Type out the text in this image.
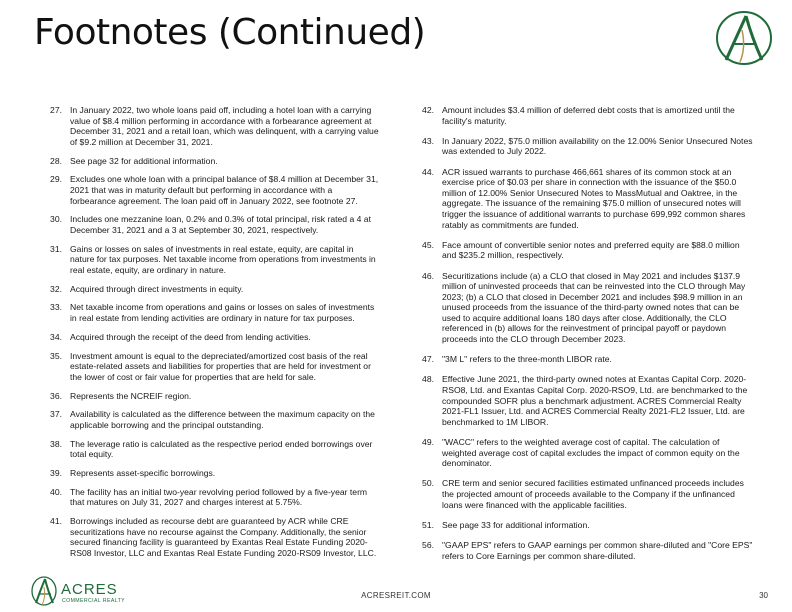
Footnotes (Continued)
27. In January 2022, two whole loans paid off, including a hotel loan with a carrying value of $8.4 million performing in accordance with a forbearance agreement at December 31, 2021 and a retail loan, which was delinquent, with a carrying value of $9.2 million at December 31, 2021.
28. See page 32 for additional information.
29. Excludes one whole loan with a principal balance of $8.4 million at December 31, 2021 that was in maturity default but performing in accordance with a forbearance agreement. The loan paid off in January 2022, see footnote 27.
30. Includes one mezzanine loan, 0.2% and 0.3% of total principal, risk rated a 4 at December 31, 2021 and a 3 at September 30, 2021, respectively.
31. Gains or losses on sales of investments in real estate, equity, are capital in nature for tax purposes. Net taxable income from operations from investments in real estate, equity, are ordinary in nature.
32. Acquired through direct investments in equity.
33. Net taxable income from operations and gains or losses on sales of investments in real estate from lending activities are ordinary in nature for tax purposes.
34. Acquired through the receipt of the deed from lending activities.
35. Investment amount is equal to the depreciated/amortized cost basis of the real estate-related assets and liabilities for properties that are held for investment or the lower of cost or fair value for properties that are held for sale.
36. Represents the NCREIF region.
37. Availability is calculated as the difference between the maximum capacity on the applicable borrowing and the principal outstanding.
38. The leverage ratio is calculated as the respective period ended borrowings over total equity.
39. Represents asset-specific borrowings.
40. The facility has an initial two-year revolving period followed by a five-year term that matures on July 31, 2027 and charges interest at 5.75%.
41. Borrowings included as recourse debt are guaranteed by ACR while CRE securitizations have no recourse against the Company. Additionally, the senior secured financing facility is guaranteed by Exantas Real Estate Funding 2020-RS08 Investor, LLC and Exantas Real Estate Funding 2020-RS09 Investor, LLC.
42. Amount includes $3.4 million of deferred debt costs that is amortized until the facility's maturity.
43. In January 2022, $75.0 million availability on the 12.00% Senior Unsecured Notes was extended to July 2022.
44. ACR issued warrants to purchase 466,661 shares of its common stock at an exercise price of $0.03 per share in connection with the issuance of the $50.0 million of 12.00% Senior Unsecured Notes to MassMutual and Oaktree, in the aggregate. The issuance of the remaining $75.0 million of unsecured notes will trigger the issuance of additional warrants to purchase 699,992 common shares ratably as commitments are funded.
45. Face amount of convertible senior notes and preferred equity are $88.0 million and $235.2 million, respectively.
46. Securitizations include (a) a CLO that closed in May 2021 and includes $137.9 million of uninvested proceeds that can be reinvested into the CLO through May 2023; (b) a CLO that closed in December 2021 and includes $98.9 million in an unused proceeds from the issuance of the third-party owned notes that can be used to acquire additional loans 180 days after close. Additionally, the CLO referenced in (b) allows for the reinvestment of principal payoff or paydown proceeds into the CLO through December 2023.
47. "3M L" refers to the three-month LIBOR rate.
48. Effective June 2021, the third-party owned notes at Exantas Capital Corp. 2020-RSO8, Ltd. and Exantas Capital Corp. 2020-RSO9, Ltd. are benchmarked to the compounded SOFR plus a benchmark adjustment. ACRES Commercial Realty 2021-FL1 Issuer, Ltd. and ACRES Commercial Realty 2021-FL2 Issuer, Ltd. are benchmarked to 1M LIBOR.
49. "WACC" refers to the weighted average cost of capital. The calculation of weighted average cost of capital excludes the impact of common equity on the denominator.
50. CRE term and senior secured facilities estimated unfinanced proceeds includes the projected amount of proceeds available to the Company if the unfinanced loans were financed with the applicable facilities.
51. See page 33 for additional information.
56. "GAAP EPS" refers to GAAP earnings per common share-diluted and "Core EPS" refers to Core Earnings per common share-diluted.
ACRES
COMMERCIAL REALTY
ACRESREIT.COM	30
